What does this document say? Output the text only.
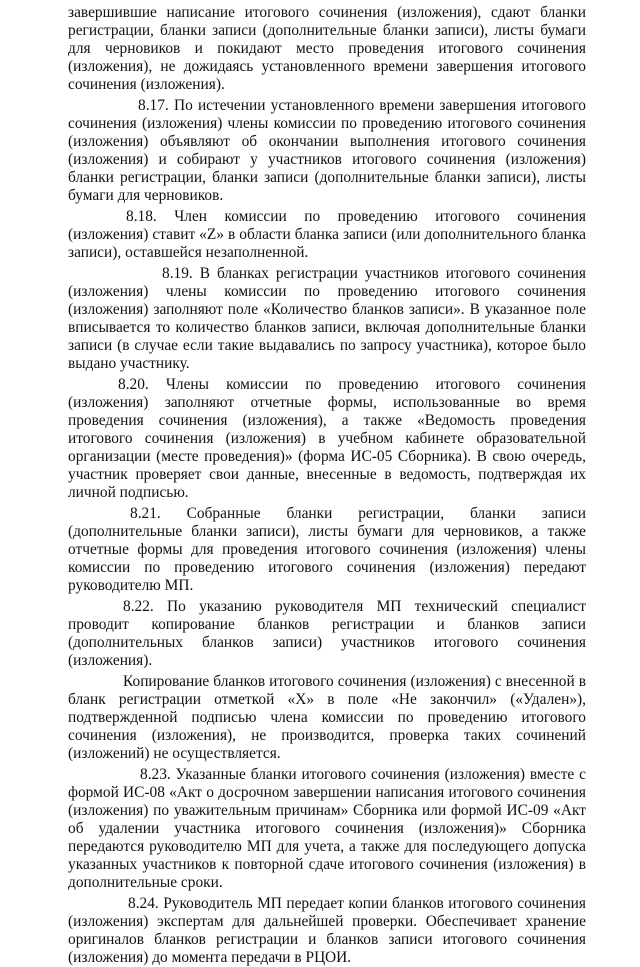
завершившие написание итогового сочинения (изложения), сдают бланки регистрации, бланки записи (дополнительные бланки записи), листы бумаги для черновиков и покидают место проведения итогового сочинения (изложения), не дожидаясь установленного времени завершения итогового сочинения (изложения).

8.17. По истечении установленного времени завершения итогового сочинения (изложения) члены комиссии по проведению итогового сочинения (изложения) объявляют об окончании выполнения итогового сочинения (изложения) и собирают у участников итогового сочинения (изложения) бланки регистрации, бланки записи (дополнительные бланки записи), листы бумаги для черновиков.

8.18. Член комиссии по проведению итогового сочинения (изложения) ставит «Z» в области бланка записи (или дополнительного бланка записи), оставшейся незаполненной.

8.19. В бланках регистрации участников итогового сочинения (изложения) члены комиссии по проведению итогового сочинения (изложения) заполняют поле «Количество бланков записи». В указанное поле вписывается то количество бланков записи, включая дополнительные бланки записи (в случае если такие выдавались по запросу участника), которое было выдано участнику.

8.20. Члены комиссии по проведению итогового сочинения (изложения) заполняют отчетные формы, использованные во время проведения сочинения (изложения), а также «Ведомость проведения итогового сочинения (изложения) в учебном кабинете образовательной организации (месте проведения)» (форма ИС-05 Сборника). В свою очередь, участник проверяет свои данные, внесенные в ведомость, подтверждая их личной подписью.

8.21. Собранные бланки регистрации, бланки записи (дополнительные бланки записи), листы бумаги для черновиков, а также отчетные формы для проведения итогового сочинения (изложения) члены комиссии по проведению итогового сочинения (изложения) передают руководителю МП.

8.22. По указанию руководителя МП технический специалист проводит копирование бланков регистрации и бланков записи (дополнительных бланков записи) участников итогового сочинения (изложения).

Копирование бланков итогового сочинения (изложения) с внесенной в бланк регистрации отметкой «X» в поле «Не закончил» («Удален»), подтвержденной подписью члена комиссии по проведению итогового сочинения (изложения), не производится, проверка таких сочинений (изложений) не осуществляется.

8.23. Указанные бланки итогового сочинения (изложения) вместе с формой ИС-08 «Акт о досрочном завершении написания итогового сочинения (изложения) по уважительным причинам» Сборника или формой ИС-09 «Акт об удалении участника итогового сочинения (изложения)» Сборника передаются руководителю МП для учета, а также для последующего допуска указанных участников к повторной сдаче итогового сочинения (изложения) в дополнительные сроки.

8.24. Руководитель МП передает копии бланков итогового сочинения (изложения) экспертам для дальнейшей проверки. Обеспечивает хранение оригиналов бланков регистрации и бланков записи итогового сочинения (изложения) до момента передачи в РЦОИ.
